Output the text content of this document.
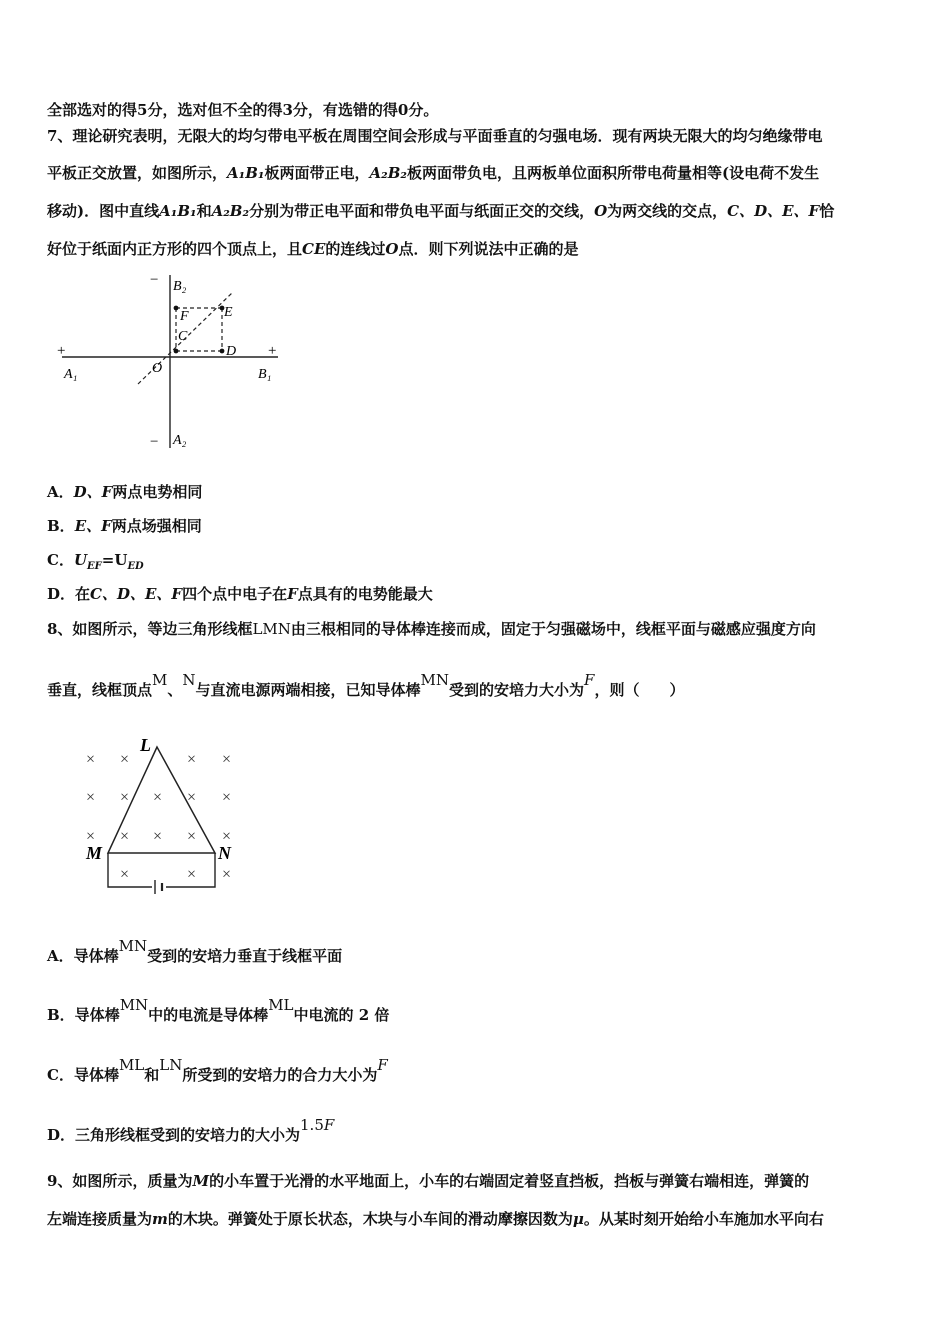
全部选对的得5分，选对但不全的得3分，有选错的得0分。
7、理论研究表明，无限大的均匀带电平板在周围空间会形成与平面垂直的匀强电场．现有两块无限大的均匀绝缘带电
平板正交放置，如图所示，A₁B₁板两面带正电，A₂B₂板两面带负电，且两板单位面积所带电荷量相等(设电荷不发生
移动)．图中直线A₁B₁和A₂B₂分别为带正电平面和带负电平面与纸面正交的交线，O为两交线的交点，C、D、E、F恰
好位于纸面内正方形的四个顶点上，且CE的连线过O点．则下列说法中正确的是
− B₂
F	E
C
D
+	+
A₁	B₁
O
− A₂
A．D、F两点电势相同
B．E、F两点场强相同
C．$U_{EF}=U_{ED}$
D．在C、D、E、F四个点中电子在F点具有的电势能最大
8、如图所示，等边三角形线框LMN由三根相同的导体棒连接而成，固定于匀强磁场中，线框平面与磁感应强度方向
垂直，线框顶点M、N与直流电源两端相接，已知导体棒MN受到的安培力大小为F，则（　　）
× ×	× ×
× × × × ×
× × × × ×
×	× ×
L
M	N
A．导体棒MN受到的安培力垂直于线框平面
B．导体棒MN中的电流是导体棒ML中电流的 2 倍
C．导体棒ML和LN所受到的安培力的合力大小为F
D．三角形线框受到的安培力的大小为1.5F
9、如图所示，质量为M的小车置于光滑的水平地面上，小车的右端固定着竖直挡板，挡板与弹簧右端相连，弹簧的
左端连接质量为m的木块。弹簧处于原长状态，木块与小车间的滑动摩擦因数为μ。从某时刻开始给小车施加水平向右
